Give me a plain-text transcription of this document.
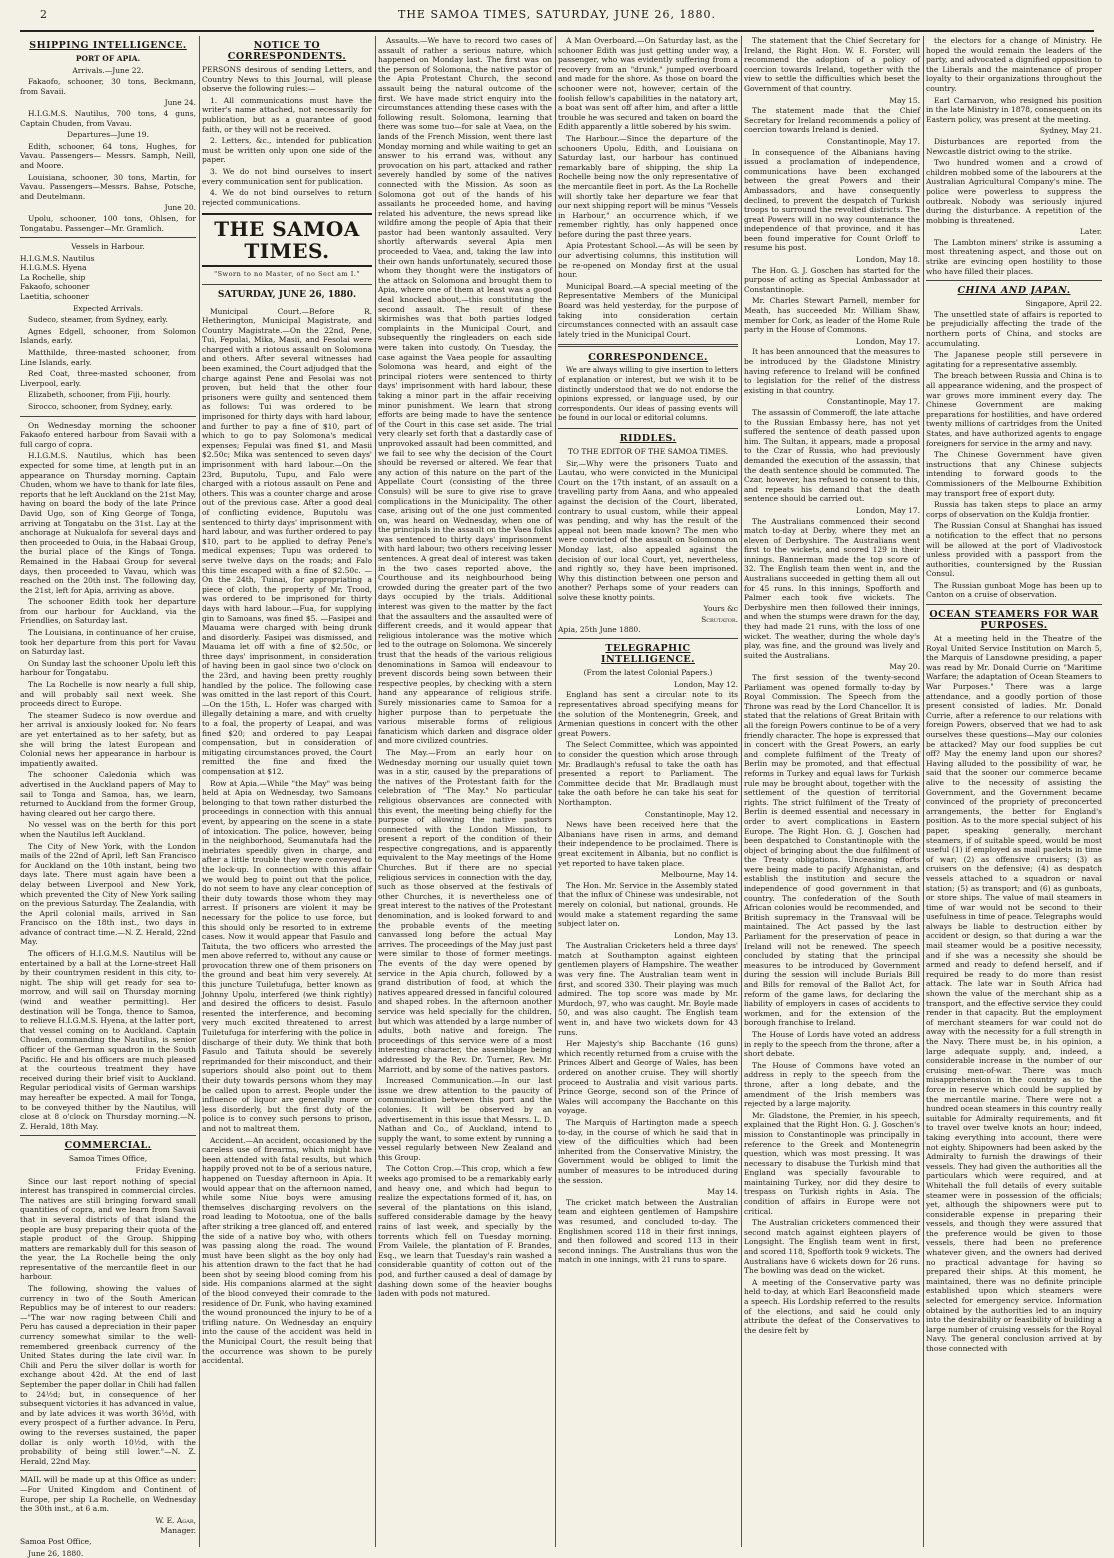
2	THE SAMOA TIMES, SATURDAY, JUNE 26, 1880.
SHIPPING INTELLIGENCE.
PORT OF APIA.
Arrivals.—June 22.

Fakaofo, schooner, 30 tons, Beckmann, from Savaii.

June 24.

H.I.G.M.S. Nautilus, 700 tons, 4 guns, Captain Chuden, from Vavau.

Departures—June 19.

Edith, schooner, 64 tons, Hughes, for Vavau. Passengers— Messrs. Samph, Neill, and Moore.

Louisiana, schooner, 30 tons, Martin, for Vavau. Passengers—Messrs. Bahse, Potsche, and Deutelmann.

June 20.

Upolu, schooner, 100 tons, Ohlsen, for Tongatabu. Passenger—Mr. Gramlich.

Vessels in Harbour.

H.I.G.M.S. Nautilus

H.I.G.M.S. Hyena

La Rochelle, ship

Fakaofo, schooner

Laetitia, schooner

Expected Arrivals.

Sudeco, steamer, from Sydney, early.

Agnes Edgell, schooner, from Solomon Islands, early.

Matthilde, three-masted schooner, from Line Islands, early.

Red Coat, three-masted schooner, from Liverpool, early.

Elizabeth, schooner, from Fiji, hourly.

Sirocco, schooner, from Sydney, early.

On Wednesday morning the schooner Fakaofo entered harbour from Savaii with a full cargo of copra.

H.I.G.M.S. Nautilus, which has been expected for some time, at length put in an appearance on Thursday morning. Captain Chuden, whom we have to thank for late files, reports that he left Auckland on the 21st May, having on board the body of the late Prince David Ugo, son of King George of Tonga, arriving at Tongatabu on the 31st. Lay at the anchorage at Nukualofa for several days and then proceeded to Ouia, in the Habaai Group, the burial place of the Kings of Tonga. Remained in the Habaai Group for several days, then proceeded to Vavau, which was reached on the 20th inst. The following day, the 21st, left for Apia, arriving as above.

The schooner Edith took her departure from our harbour for Auckland, via the Friendlies, on Saturday last.

The Louisiana, in continuance of her cruise, took her departure from this port for Vavau on Saturday last.

On Sunday last the schooner Upolu left this harbour for Tongatabu.

The La Rochelle is now nearly a full ship, and will probably sail next week. She proceeds direct to Europe.

The steamer Sudeco is now overdue and her arrival is anxiously looked for. No fears are yet entertained as to her safety, but as she will bring the latest European and Colonial news her appearance in harbour is impatiently awaited.

The schooner Caledonia which was advertised in the Auckland papers of May to sail to Tonga and Samoa, has, we learn, returned to Auckland from the former Group, having cleared out her cargo there.

No vessel was on the berth for this port when the Nautilus left Auckland.

The City of New York, with the London mails of the 22nd of April, left San Francisco for Auckland on the 10th instant, being two days late. There must again have been a delay between Liverpool and New York, which prevented the City of New York sailing on the previous Saturday. The Zealandia, with the April colonial mails, arrived in San Francisco on the 18th inst., two days in advance of contract time.—N. Z. Herald, 22nd May.

The officers of H.I.G.M.S. Nautilus will be entertained by a ball at the Lorne-street Hall by their countrymen resident in this city, to-night. The ship will get ready for sea to-morrow, and will sail on Thursday morning (wind and weather permitting). Her destination will be Tonga, thence to Samoa, to relieve H.I.G.M.S. Hyena, at the latter port, that vessel coming on to Auckland. Captain Chuden, commanding the Nautilus, is senior officer of the German squadron in the South Pacific. He and his officers are much pleased at the courteous treatment they have received during their brief visit to Auckland. Regular periodical visits of German warships may hereafter be expected. A mail for Tonga, to be conveyed thither by the Nautilus, will close at 8 o'clock on Thursday morning.—N. Z. Herald, 18th May.

COMMERCIAL.
Samoa Times Office,
Friday Evening.

Since our last report nothing of special interest has transpired in commercial circles. The natives are still bringing forward small quantities of copra, and we learn from Savaii that in several districts of that island the people are busy preparing their quota of the staple product of the Group. Shipping matters are remarkably dull for this season of the year, the La Rochelle being the only representative of the mercantile fleet in our harbour.

The following, showing the values of currency in two of the South American Republics may be of interest to our readers:—"The war now raging between Chili and Peru has caused a depreciation in their paper currency somewhat similar to the well-remembered greenback currency of the United States during the late civil war. In Chili and Peru the silver dollar is worth for exchange about 42d. At the end of last September the paper dollar in Chili had fallen to 24½d; but, in consequence of her subsequent victories it has advanced in value, and by late advices it was worth 36½d, with every prospect of a further advance. In Peru, owing to the reverses sustained, the paper dollar is only worth 10½d, with the probability of being still lower."—N. Z. Herald, 22nd May.

MAIL will be made up at this Office as under:—For United Kingdom and Continent of Europe, per ship La Rochelle, on Wednesday the 30th inst., at 6 a.m.

W. E. Agar,
Manager.

Samoa Post Office,

June 26, 1880.

NOTICE TO CORRESPONDENTS.

PERSONS desirous of sending Letters, and Country News to this Journal, will please observe the following rules:—

1. All communications must have the writer's name attached, not necessarily for publication, but as a guarantee of good faith, or they will not be received.

2. Letters, &c., intended for publication must be written only upon one side of the paper.

3. We do not bind ourselves to insert every communication sent for publication.

4. We do not bind ourselves to return rejected communications.

THE SAMOA TIMES.
"Sworn to no Master, of no Sect am I."
SATURDAY, JUNE 26, 1880.

Municipal Court.—Before R. Hetherington, Municipal Magistrate, and Country Magistrate.—On the 22nd, Pene, Tui, Fepulai, Mika, Masii, and Fesolai were charged with a riotous assault on Solomona and others. After several witnesses had been examined, the Court adjudged that the charge against Pene and Fesolai was not proven, but held that the other four prisoners were guilty and sentenced them as follows: Tui was ordered to be imprisoned for thirty days with hard labour, and further to pay a fine of $10, part of which to go to pay Solomona's medical expenses; Fepulai was fined $1, and Masii $2.50c; Mika was sentenced to seven days' imprisonment with hard labour.—On the 23rd, Buputolu, Tupu, and Falo were charged with a riotous assault on Pene and others. This was a counter charge and arose out of the previous case. After a good deal of conflicting evidence, Buputolu was sentenced to thirty days' imprisonment with hard labour, and was further ordered to pay $10, part to be applied to defray Pene's medical expenses; Tupu was ordered to serve twelve days on the roads; and Falo this time escaped with a fine of $2.50c. —On the 24th, Tuinai, for appropriating a piece of cloth, the property of Mr. Trood, was ordered to be imprisoned for thirty days with hard labour.—Fua, for supplying gin to Samoans, was fined $5. —Fasipei and Mauama were charged with being drunk and disorderly. Fasipei was dismissed, and Mauama let off with a fine of $2.50c, or three days' imprisonment, in consideration of having been in gaol since two o'clock on the 23rd, and having been pretty roughly handled by the police. The following case was omitted in the last report of this Court.—On the 15th, L. Hofer was charged with illegally detaining a mare, and with cruelty to a foal, the property of Leapai, and was fined $20; and ordered to pay Leapai compensation, but in consideration of mitigating circumstances proved, the Court remitted the fine and fixed the compensation at $12.

Row at Apia.—While "the May" was being held at Apia on Wednesday, two Samoans belonging to that town rather disturbed the proceedings in connection with this annual event, by appearing on the scene in a state of intoxication. The police, however, being in the neighborhood, Seumanutafa had the inebriates speedily given in charge, and after a little trouble they were conveyed to the lock-up. In connection with this affair we would beg to point out that the police, do not seem to have any clear conception of their duty towards those whom they may arrest. If prisoners are violent it may be necessary for the police to use force, but this should only be resorted to in extreme cases. Now it would appear that Fasulo and Taituta, the two officers who arrested the men above referred to, without any cause or provocation threw one of them prisoners on the ground and beat him very severely. At this juncture Tuiletufuga, better known as Johnny Upolu, interfered (we think rightly) and desired the officers to desist. Fasulo resented the interference, and becoming very much excited threatened to arrest Tuiletufuga for interfering with the police in discharge of their duty. We think that both Fasulo and Taituta should be severely reprimanded for their misconduct, and their superiors should also point out to them their duty towards persons whom they may be called upon to arrest. People under the influence of liquor are generally more or less disorderly, but the first duty of the police is to convey such persons to prison, and not to maltreat them.

Accident.—An accident, occasioned by the careless use of firearms, which might have been attended with fatal results, but which happily proved not to be of a serious nature, happened on Tuesday afternoon in Apia. It would appear that on the afternoon named, while some Niue boys were amusing themselves discharging revolvers on the road leading to Motootua, one of the balls after striking a tree glanced off, and entered the side of a native boy who, with others was passing along the road. The wound must have been slight as the boy only had his attention drawn to the fact that he had been shot by seeing blood coming from his side. His companions alarmed at the sight of the blood conveyed their comrade to the residence of Dr. Funk, who having examined the wound pronounced the injury to be of a trifling nature. On Wednesday an enquiry into the cause of the accident was held in the Municipal Court, the result being that the occurrence was shown to be purely accidental.

Assaults.—We have to record two cases of assault of rather a serious nature, which happened on Monday last. The first was on the person of Solomona, the native pastor of the Apia Protestant Church, the second assault being the natural outcome of the first. We have made strict enquiry into the circumstances attending these cases with the following result. Solomona, learning that there was some tuo—for sale at Vaea, on the lands of the French Mission, went there last Monday morning and while waiting to get an answer to his errand was, without any provocation on his part, attacked and rather severely handled by some of the natives connected with the Mission. As soon as Solomona got out of the hands of his assailants he proceeded home, and having related his adventure, the news spread like wildfire among the people of Apia that their pastor had been wantonly assaulted. Very shortly afterwards several Apia men proceeded to Vaea, and, taking the law into their own hands unfortunately, secured those whom they thought were the instigators of the attack on Solomona and brought them to Apia, where one of them at least was a good deal knocked about,—this constituting the second assault. The result of these skirmishes was that both parties lodged complaints in the Municipal Court, and subsequently the ringleaders on each side were taken into custody. On Tuesday, the case against the Vaea people for assaulting Solomona was heard, and eight of the principal rioters were sentenced to thirty days' imprisonment with hard labour, these taking a minor part in the affair receiving minor punishment. We learn that strong efforts are being made to have the sentence of the Court in this case set aside. The trial very clearly set forth that a dastardly case of unprovoked assault had been committed, and we fail to see why the decision of the Court should be reversed or altered. We fear that any action of this nature on the part of the Appellate Court (consisting of the three Consuls) will be sure to give rise to grave complications in the Municipality. The other case, arising out of the one just commented on, was heard on Wednesday, when one of the principals in the assault on the Vaea folks was sentenced to thirty days' imprisonment with hard labour; two others receiving lesser sentences. A great deal of interest was taken in the two cases reported above, the Courthouse and its neighbourhood being crowded during the greater part of the two days occupied by the trials. Additional interest was given to the matter by the fact that the assaulters and the assaulted were of different creeds, and it would appear that religious intolerance was the motive which led to the outrage on Solomona. We sincerely trust that the heads of the various religious denominations in Samoa will endeavour to prevent discords being sown between their respective peoples, by checking with a stern hand any appearance of religious strife. Surely missionaries came to Samoa for a higher purpose than to perpetuate the various miserable forms of religious fanaticism which darken and disgrace older and more civilized countries.

The May.—From an early hour on Wednesday morning our usually quiet town was in a stir, caused by the preparations of the natives of the Protestant faith for the celebration of "The May." No particular religious observances are connected with this event, the meeting being chiefly for the purpose of allowing the native pastors connected with the London Mission, to present a report of the condition of their respective congregations, and is apparently equivalent to the May meetings of the Home Churches. But if there are no special religious services in connection with the day, such as those observed at the festivals of other Churches, it is nevertheless one of great interest to the natives of the Protestant denomination, and is looked forward to and the probable events of the meeting canvassed long before the actual May arrives. The proceedings of the May just past were similar to those of former meetings. The events of the day were opened by service in the Apia church, followed by a grand distribution of food, at which the natives appeared dressed in fanciful coloured and shaped robes. In the afternoon another service was held specially for the children, but which was attended by a large number of adults, both native and foreign. The proceedings of this service were of a most interesting character, the assemblage being addressed by the Rev. Dr. Turner, Rev. Mr. Marriott, and by some of the natives pastors.

Increased Communication.—In our last issue we drew attention to the paucity of communication between this port and the colonies. It will be observed by an advertisement in this issue that Messrs. L. D. Nathan and Co., of Auckland, intend to supply the want, to some extent by running a vessel regularly between New Zealand and this Group.

The Cotton Crop.—This crop, which a few weeks ago promised to be a remarkably early and heavy one, and which had begun to realize the expectations formed of it, has, on several of the plantations on this island, suffered considerable damage by the heavy rains of last week, and specially by the torrents which fell on Tuesday morning. From Vailele, the plantation of F. Brandes, Esq., we learn that Tuesday's rain washed a considerable quantity of cotton out of the pod, and further caused a deal of damage by dashing down some of the heavier boughs laden with pods not matured.

A Man Overboard.—On Saturday last, as the schooner Edith was just getting under way, a passenger, who was evidently suffering from a recovery from an "drunk," jumped overboard and made for the shore. As those on board the schooner were not, however, certain of the foolish fellow's capabilities in the natatory art, a boat was sent off after him, and after a little trouble he was secured and taken on board the Edith apparently a little sobered by his swim.

The Harbour.—Since the departure of the schooners Upolu, Edith, and Louisiana on Saturday last, our harbour has continued remarkably bare of shipping, the ship La Rochelle being now the only representative of the mercantile fleet in port. As the La Rochelle will shortly take her departure we fear that our next shipping report will be minus "Vessels in Harbour," an occurrence which, if we remember rightly, has only happened once before during the past three years.

Apia Protestant School.—As will be seen by our advertising columns, this institution will be re-opened on Monday first at the usual hour.

Municipal Board.—A special meeting of the Representative Members of the Municipal Board was held yesterday, for the purpose of taking into consideration certain circumstances connected with an assault case lately tried in the Municipal Court.

CORRESPONDENCE.

We are always willing to give insertion to letters of explanation or interest, but we wish it to be distinctly understood that we do not endorse the opinions expressed, or language used, by our correspondents. Our ideas of passing events will be found in our local or editorial columns.

RIDDLES.
TO THE EDITOR OF THE SAMOA TIMES.

Sir,—Why were the prisoners Tuato and Lautau, who were convicted in the Municipal Court on the 17th instant, of an assault on a travelling party from Aana, and who appealed against the decision of the Court, liberated, contrary to usual custom, while their appeal was pending, and why has the result of the appeal not been made known? The men who were convicted of the assault on Solomona on Monday last, also appealed against the decision of our local Court, yet, nevertheless, and rightly so, they have been imprisoned. Why this distinction between one person and another? Perhaps some of your readers can solve these knotty points.

Yours &c
Scrutator.

Apia, 25th June 1880.

TELEGRAPHIC INTELLIGENCE.
(From the latest Colonial Papers.)
London, May 12.

England has sent a circular note to its representatives abroad specifying means for the solution of the Montenegrin, Greek, and Armenian questions in concert with the other great Powers.

The Select Committee, which was appointed to consider the question which arose through Mr. Bradlaugh's refusal to take the oath has presented a report to Parliament. The Committee decide that Mr. Bradlaugh must take the oath before he can take his seat for Northampton.

Constantinople, May 12.

News have been received here that the Albanians have risen in arms, and demand their independence to be proclaimed. There is great excitement in Albania, but no conflict is yet reported to have taken place.

Melbourne, May 14.

The Hon. Mr. Service in the Assembly stated that the influx of Chinese was undesirable, not merely on colonial, but national, grounds. He would make a statement regarding the same subject later on.

London, May 13.

The Australian Cricketers held a three days' match at Southampton against eighteen gentlemen players of Hampshire. The weather was very fine. The Australian team went in first, and scored 330. Their playing was much admired. The top score was made by Mr. Murdoch, 97, who was caught. Mr. Boyle made 50, and was also caught. The English team went in, and have two wickets down for 43 runs.

Her Majesty's ship Bacchante (16 guns) which recently returned from a cruise with the Princes Albert and George of Wales, has been ordered on another cruise. They will shortly proceed to Australia and visit various parts. Prince George, second son of the Prince of Wales will accompany the Bacchante on this voyage.

The Marquis of Hartington made a speech to-day, in the course of which he said that in view of the difficulties which had been inherited from the Conservative Ministry, the Government would be obliged to limit the number of measures to be introduced during the session.

May 14.

The cricket match between the Australian team and eighteen gentlemen of Hampshire was resumed, and concluded to-day. The Englishmen scored 118 in their first innings, and then followed and scored 113 in their second innings. The Australians thus won the match in one innings, with 21 runs to spare.

The statement that the Chief Secretary for Ireland, the Right Hon. W. E. Forster, will recommend the adoption of a policy of coercion towards Ireland, together with the view to settle the difficulties which beset the Government of that country.

May 15.

The statement made that the Chief Secretary for Ireland recommends a policy of coercion towards Ireland is denied.

Constantinople, May 17.

In consequence of the Albanians having issued a proclamation of independence, communications have been exchanged between the great Powers and their Ambassadors, and have consequently declined, to prevent the despatch of Turkish troops to surround the revolted districts. The great Powers will in no way countenance the independence of that province, and it has been found imperative for Count Orloff to resume his post.

London, May 18.

The Hon. G. J. Goschen has started for the purpose of acting as Special Ambassador at Constantinople.

Mr. Charles Stewart Parnell, member for Meath, has succeeded Mr. William Shaw, member for Cork, as leader of the Home Rule party in the House of Commons.

London, May 17.

It has been announced that the measures to be introduced by the Gladstone Ministry having reference to Ireland will be confined to legislation for the relief of the distress existing in that country.

Constantinople, May 17.

The assassin of Commeroff, the late attache to the Russian Embassy here, has not yet suffered the sentence of death passed upon him. The Sultan, it appears, made a proposal to the Czar of Russia, who had previously demanded the execution of the assassin, that the death sentence should be commuted. The Czar, however, has refused to consent to this, and repeats his demand that the death sentence should be carried out.

London, May 17.

The Australians commenced their second match to-day at Derby, where they met an eleven of Derbyshire. The Australians went first to the wickets, and scored 129 in their innings. Bannerman made the top score of 32. The English team then went in, and the Australians succeeded in getting them all out for 45 runs. In this innings, Spofforth and Palmer each took five wickets. The Derbyshire men then followed their innings, and when the stumps were drawn for the day, they had made 21 runs, with the loss of one wicket. The weather, during the whole day's play, was fine, and the ground was lively and suited the Australians.

May 20.

The first session of the twenty-second Parliament was opened formally to-day by Royal Commission. The Speech from the Throne was read by the Lord Chancellor. It is stated that the relations of Great Britain with all the foreign Powers continue to be of a very friendly character. The hope is expressed that in concert with the Great Powers, an early and complete fulfilment of the Treaty of Berlin may be promoted, and that effectual reforms in Turkey and equal laws for Turkish rule may be brought about, together with the settlement of the question of territorial rights. The strict fulfilment of the Treaty of Berlin is deemed essential and necessary in order to avert complications in Eastern Europe. The Right Hon. G. J. Goschen had been despatched to Constantinople with the object of bringing about the due fulfilment of the Treaty obligations. Unceasing efforts were being made to pacify Afghanistan, and establish the institution and secure the independence of good government in that country. The confederation of the South African colonies would be recommended, and British supremacy in the Transvaal will be maintained. The Act passed by the last Parliament for the preservation of peace in Ireland will not be renewed. The speech concluded by stating that the principal measures to be introduced by Government during the session will include Burials Bill and Bills for removal of the Ballot Act, for reform of the game laws, for declaring the liability of employers in cases of accidents to workmen, and for the extension of the borough franchise to Ireland.

The House of Lords have voted an address in reply to the speech from the throne, after a short debate.

The House of Commons have voted an address in reply to the speech from the throne, after a long debate, and the amendment of the Irish members was rejected by a large majority.

Mr. Gladstone, the Premier, in his speech, explained that the Right Hon. G. J. Goschen's mission to Constantinople was principally in reference to the Greek and Montenegrin question, which was most pressing. It was necessary to disabuse the Turkish mind that England was specially favourable to maintaining Turkey, nor did they desire to trespass on Turkish rights in Asia. The condition of affairs in Europe were not critical.

The Australian cricketers commenced their second match against eighteen players of Longsight. The English team went in first, and scored 118, Spofforth took 9 wickets. The Australians have 6 wickets down for 26 runs. The bowling was dead on the wicket.

A meeting of the Conservative party was held to-day, at which Earl Beaconsfield made a speech. His Lordship referred to the results of the elections, and said he could only attribute the defeat of the Conservatives to the desire felt by

the electors for a change of Ministry. He hoped the would remain the leaders of the party, and advocated a dignified opposition to the Liberals and the maintenance of proper loyalty to their organizations throughout the country.

Earl Carnarvon, who resigned his position in the late Ministry in 1878, consequent on its Eastern policy, was present at the meeting.

Sydney, May 21.

Disturbances are reported from the Newcastle district owing to the strike.

Two hundred women and a crowd of children mobbed some of the labourers at the Australian Agricultural Company's mine. The police were powerless to suppress the outbreak. Nobody was seriously injured during the disturbance. A repetition of the mobbing is threatened.

Later.

The Lambton miners' strike is assuming a most threatening aspect, and those out on strike are evincing open hostility to those who have filled their places.

CHINA AND JAPAN.
Singapore, April 22.

The unsettled state of affairs is reported to be prejudicially affecting the trade of the northern ports of China, and stocks are accumulating.

The Japanese people still persevere in agitating for a representative assembly.

The breach between Russia and China is to all appearance widening, and the prospect of war grows more imminent every day. The Chinese Government are making preparations for hostilities, and have ordered twenty millions of cartridges from the United States, and have authorized agents to engage foreigners for service in the army and navy.

The Chinese Government have given instructions that any Chinese subjects intending to forward goods to the Commissioners of the Melbourne Exhibition may transport free of export duty.

Russia has taken steps to place an army corps of observation on the Kuldja frontier.

The Russian Consul at Shanghai has issued a notification to the effect that no persons will be allowed at the port of Vladivostock unless provided with a passport from the authorities, countersigned by the Russian Consul.

The Russian gunboat Moge has been up to Canton on a cruise of observation.

OCEAN STEAMERS FOR WAR PURPOSES.

At a meeting held in the Theatre of the Royal United Service Institution on March 5, the Marquis of Lansdowne presiding, a paper was read by Mr. Donald Currie on "Maritime Warfare; the adaptation of Ocean Steamers to War Purposes." There was a large attendance, and a goodly portion of those present consisted of ladies. Mr. Donald Currie, after a reference to our relations with foreign Powers, observed that we had to ask ourselves these questions—May our colonies be attacked? May our food supplies be cut off? May the enemy land upon our shores? Having alluded to the possibility of war, he said that the sooner our commerce became alive to the necessity of assisting the Government, and the Government became convinced of the propriety of preconcerted arrangements, the better for England's position. As to the more special subject of his paper, speaking generally, merchant steamers, if of suitable speed, would be most useful (1) if employed as mail packets in time of war; (2) as offensive cruisers; (3) as cruisers on the defensive; (4) as despatch vessels attached to a squadron or naval station; (5) as transport; and (6) as gunboats, or store ships. The value of mail steamers in time of war would not be second to their usefulness in time of peace. Telegraphs would always be liable to destruction either by accident or design, so that during a war the mail steamer would be a positive necessity, and if she was a necessity she should be armed and ready to defend herself, and if required be ready to do more than resist attack. The late war in South Africa had shown the value of the merchant ship as a transport, and the effective service they could render in that capacity. But the employment of merchant steamers for war could not do away with the necessity for a full strength in the Navy. There must be, in his opinion, a large adequate supply, and, indeed, a considerable increase in the number of our cruising men-of-war. There was much misapprehension in the country as to the force in reserve which could be supplied by the mercantile marine. There were not a hundred ocean steamers in this country really suitable for Admiralty requirements, and fit to travel over twelve knots an hour; indeed, taking everything into account, there were not eighty. Shipowners had been asked by the Admiralty to furnish the drawings of their vessels. They had given the authorities all the particulars which were required, and at Whitehall the full details of every suitable steamer were in possession of the officials; yet, although the shipowners were put to considerable expense in preparing their vessels, and though they were assured that the preference would be given to those vessels, there had been no preference whatever given, and the owners had derived no practical advantage for having so prepared their ships. At this moment, he maintained, there was no definite principle established upon which steamers were selected for emergency service. Information obtained by the authorities led to an inquiry into the desirability or feasibility of building a large number of cruising vessels for the Royal Navy. The general conclusion arrived at by those connected with
